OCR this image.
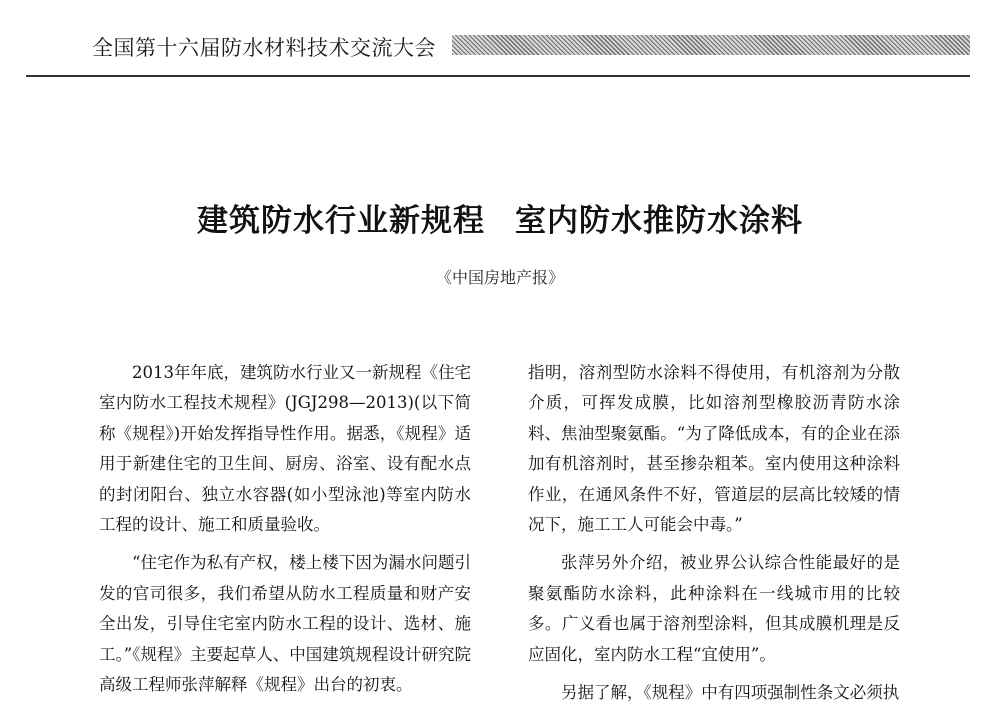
全国第十六届防水材料技术交流大会
建筑防水行业新规程 室内防水推防水涂料
《中国房地产报》

2013年年底，建筑防水行业又一新规程《住宅室内防水工程技术规程》(JGJ298—2013)(以下简称《规程》)开始发挥指导性作用。据悉，《规程》适用于新建住宅的卫生间、厨房、浴室、设有配水点的封闭阳台、独立水容器(如小型泳池)等室内防水工程的设计、施工和质量验收。

“住宅作为私有产权，楼上楼下因为漏水问题引发的官司很多，我们希望从防水工程质量和财产安全出发，引导住宅室内防水工程的设计、选材、施工。”《规程》主要起草人、中国建筑规程设计研究院高级工程师张萍解释《规程》出台的初衷。

指明，溶剂型防水涂料不得使用，有机溶剂为分散介质，可挥发成膜，比如溶剂型橡胶沥青防水涂料、焦油型聚氨酯。“为了降低成本，有的企业在添加有机溶剂时，甚至掺杂粗苯。室内使用这种涂料作业，在通风条件不好，管道层的层高比较矮的情况下，施工工人可能会中毒。”

张萍另外介绍，被业界公认综合性能最好的是聚氨酯防水涂料，此种涂料在一线城市用的比较多。广义看也属于溶剂型涂料，但其成膜机理是反应固化，室内防水工程“宜使用”。

另据了解，《规程》中有四项强制性条文必须执
